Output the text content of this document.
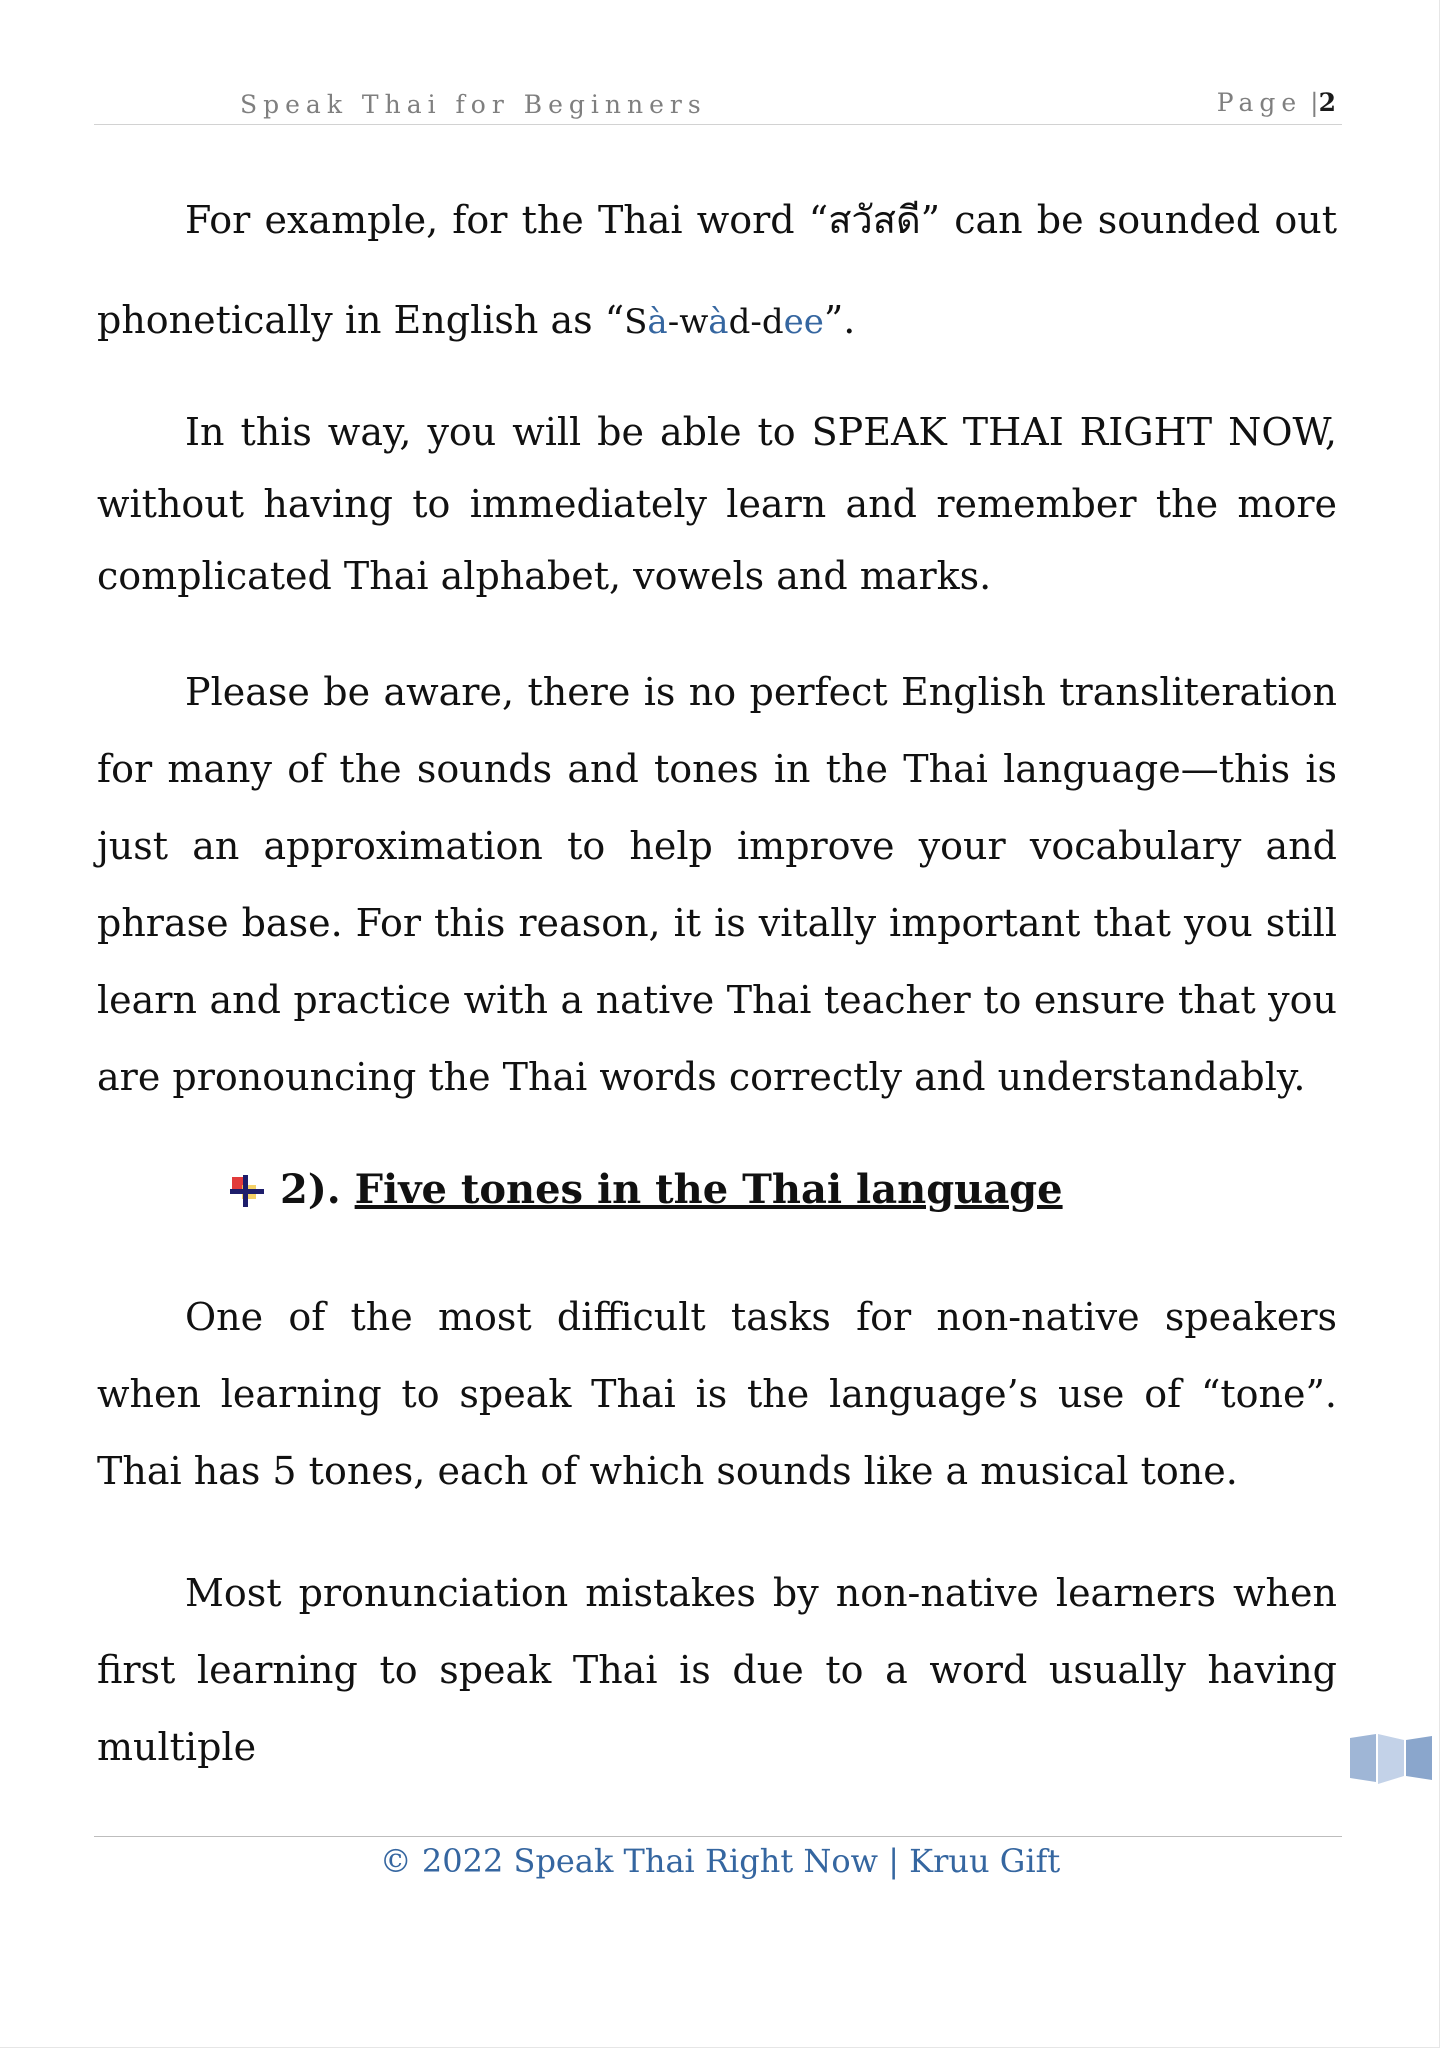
Speak Thai for Beginners	Page |2

For example, for the Thai word “สวัสดี” can be sounded out phonetically in English as “Sà-wàd-dee”.

In this way, you will be able to SPEAK THAI RIGHT NOW, without having to immediately learn and remember the more complicated Thai alphabet, vowels and marks.

Please be aware, there is no perfect English transliteration for many of the sounds and tones in the Thai language—this is just an approximation to help improve your vocabulary and phrase base. For this reason, it is vitally important that you still learn and practice with a native Thai teacher to ensure that you are pronouncing the Thai words correctly and understandably.

2). Five tones in the Thai language

One of the most difficult tasks for non-native speakers when learning to speak Thai is the language’s use of “tone”. Thai has 5 tones, each of which sounds like a musical tone.

Most pronunciation mistakes by non-native learners when first learning to speak Thai is due to a word usually having multiple

© 2022 Speak Thai Right Now | Kruu Gift
